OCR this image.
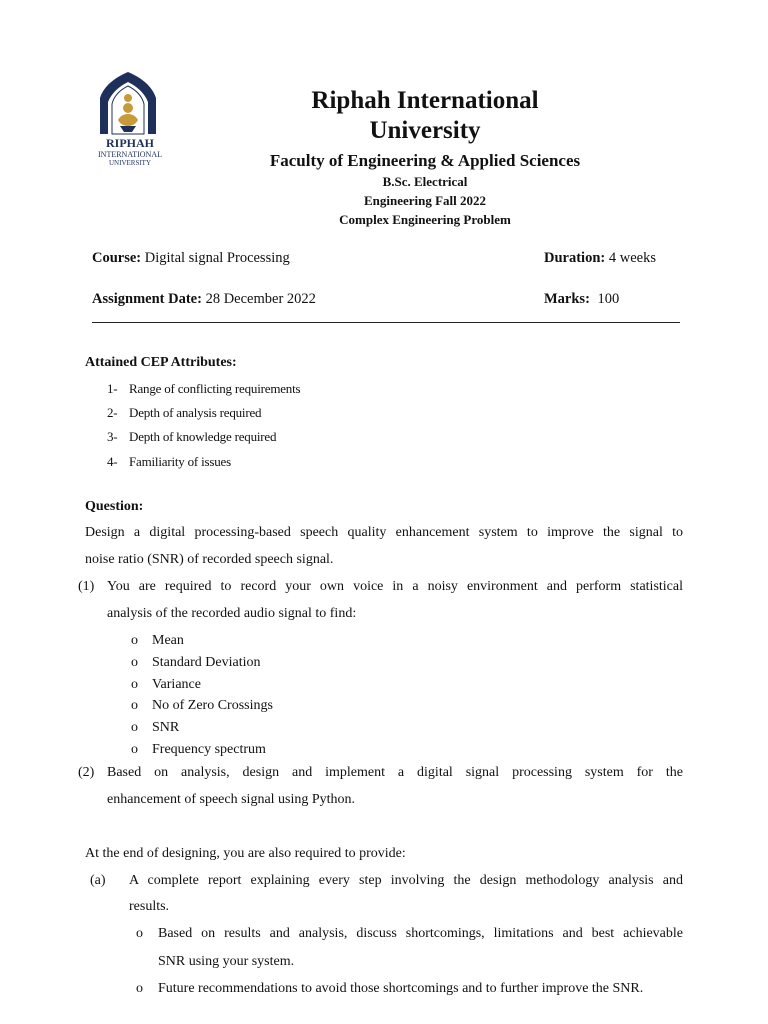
RIPHAH
INTERNATIONAL
UNIVERSITY
Riphah International
University
Faculty of Engineering & Applied Sciences
B.Sc. Electrical
Engineering Fall 2022
Complex Engineering Problem
Course: Digital signal Processing	Duration: 4 weeks
Assignment Date: 28 December 2022	Marks: 100
Attained CEP Attributes:
1- Range of conflicting requirements
2- Depth of analysis required
3- Depth of knowledge required
4- Familiarity of issues
Question:
Design a digital processing-based speech quality enhancement system to improve the signal to
noise ratio (SNR) of recorded speech signal.
(1) You are required to record your own voice in a noisy environment and perform statistical
analysis of the recorded audio signal to find:
o Mean
o Standard Deviation
o Variance
o No of Zero Crossings
o SNR
o Frequency spectrum
(2) Based on analysis, design and implement a digital signal processing system for the
enhancement of speech signal using Python.
At the end of designing, you are also required to provide:
(a) A complete report explaining every step involving the design methodology analysis and
results.
o Based on results and analysis, discuss shortcomings, limitations and best achievable
SNR using your system.
o Future recommendations to avoid those shortcomings and to further improve the SNR.
